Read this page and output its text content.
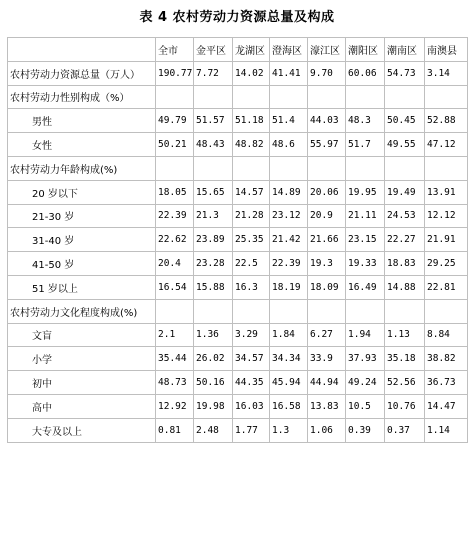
表 4 农村劳动力资源总量及构成
	全市	金平区	龙湖区	澄海区	濠江区	潮阳区	潮南区	南澳县
农村劳动力资源总量（万人）	190.77	7.72	14.02	41.41	9.70	60.06	54.73	3.14
农村劳动力性别构成（%）								
男性	49.79	51.57	51.18	51.4	44.03	48.3	50.45	52.88
女性	50.21	48.43	48.82	48.6	55.97	51.7	49.55	47.12
农村劳动力年龄构成(%)								
20 岁以下	18.05	15.65	14.57	14.89	20.06	19.95	19.49	13.91
21-30 岁	22.39	21.3	21.28	23.12	20.9	21.11	24.53	12.12
31-40 岁	22.62	23.89	25.35	21.42	21.66	23.15	22.27	21.91
41-50 岁	20.4	23.28	22.5	22.39	19.3	19.33	18.83	29.25
51 岁以上	16.54	15.88	16.3	18.19	18.09	16.49	14.88	22.81
农村劳动力文化程度构成(%)								
文盲	2.1	1.36	3.29	1.84	6.27	1.94	1.13	8.84
小学	35.44	26.02	34.57	34.34	33.9	37.93	35.18	38.82
初中	48.73	50.16	44.35	45.94	44.94	49.24	52.56	36.73
高中	12.92	19.98	16.03	16.58	13.83	10.5	10.76	14.47
大专及以上	0.81	2.48	1.77	1.3	1.06	0.39	0.37	1.14
